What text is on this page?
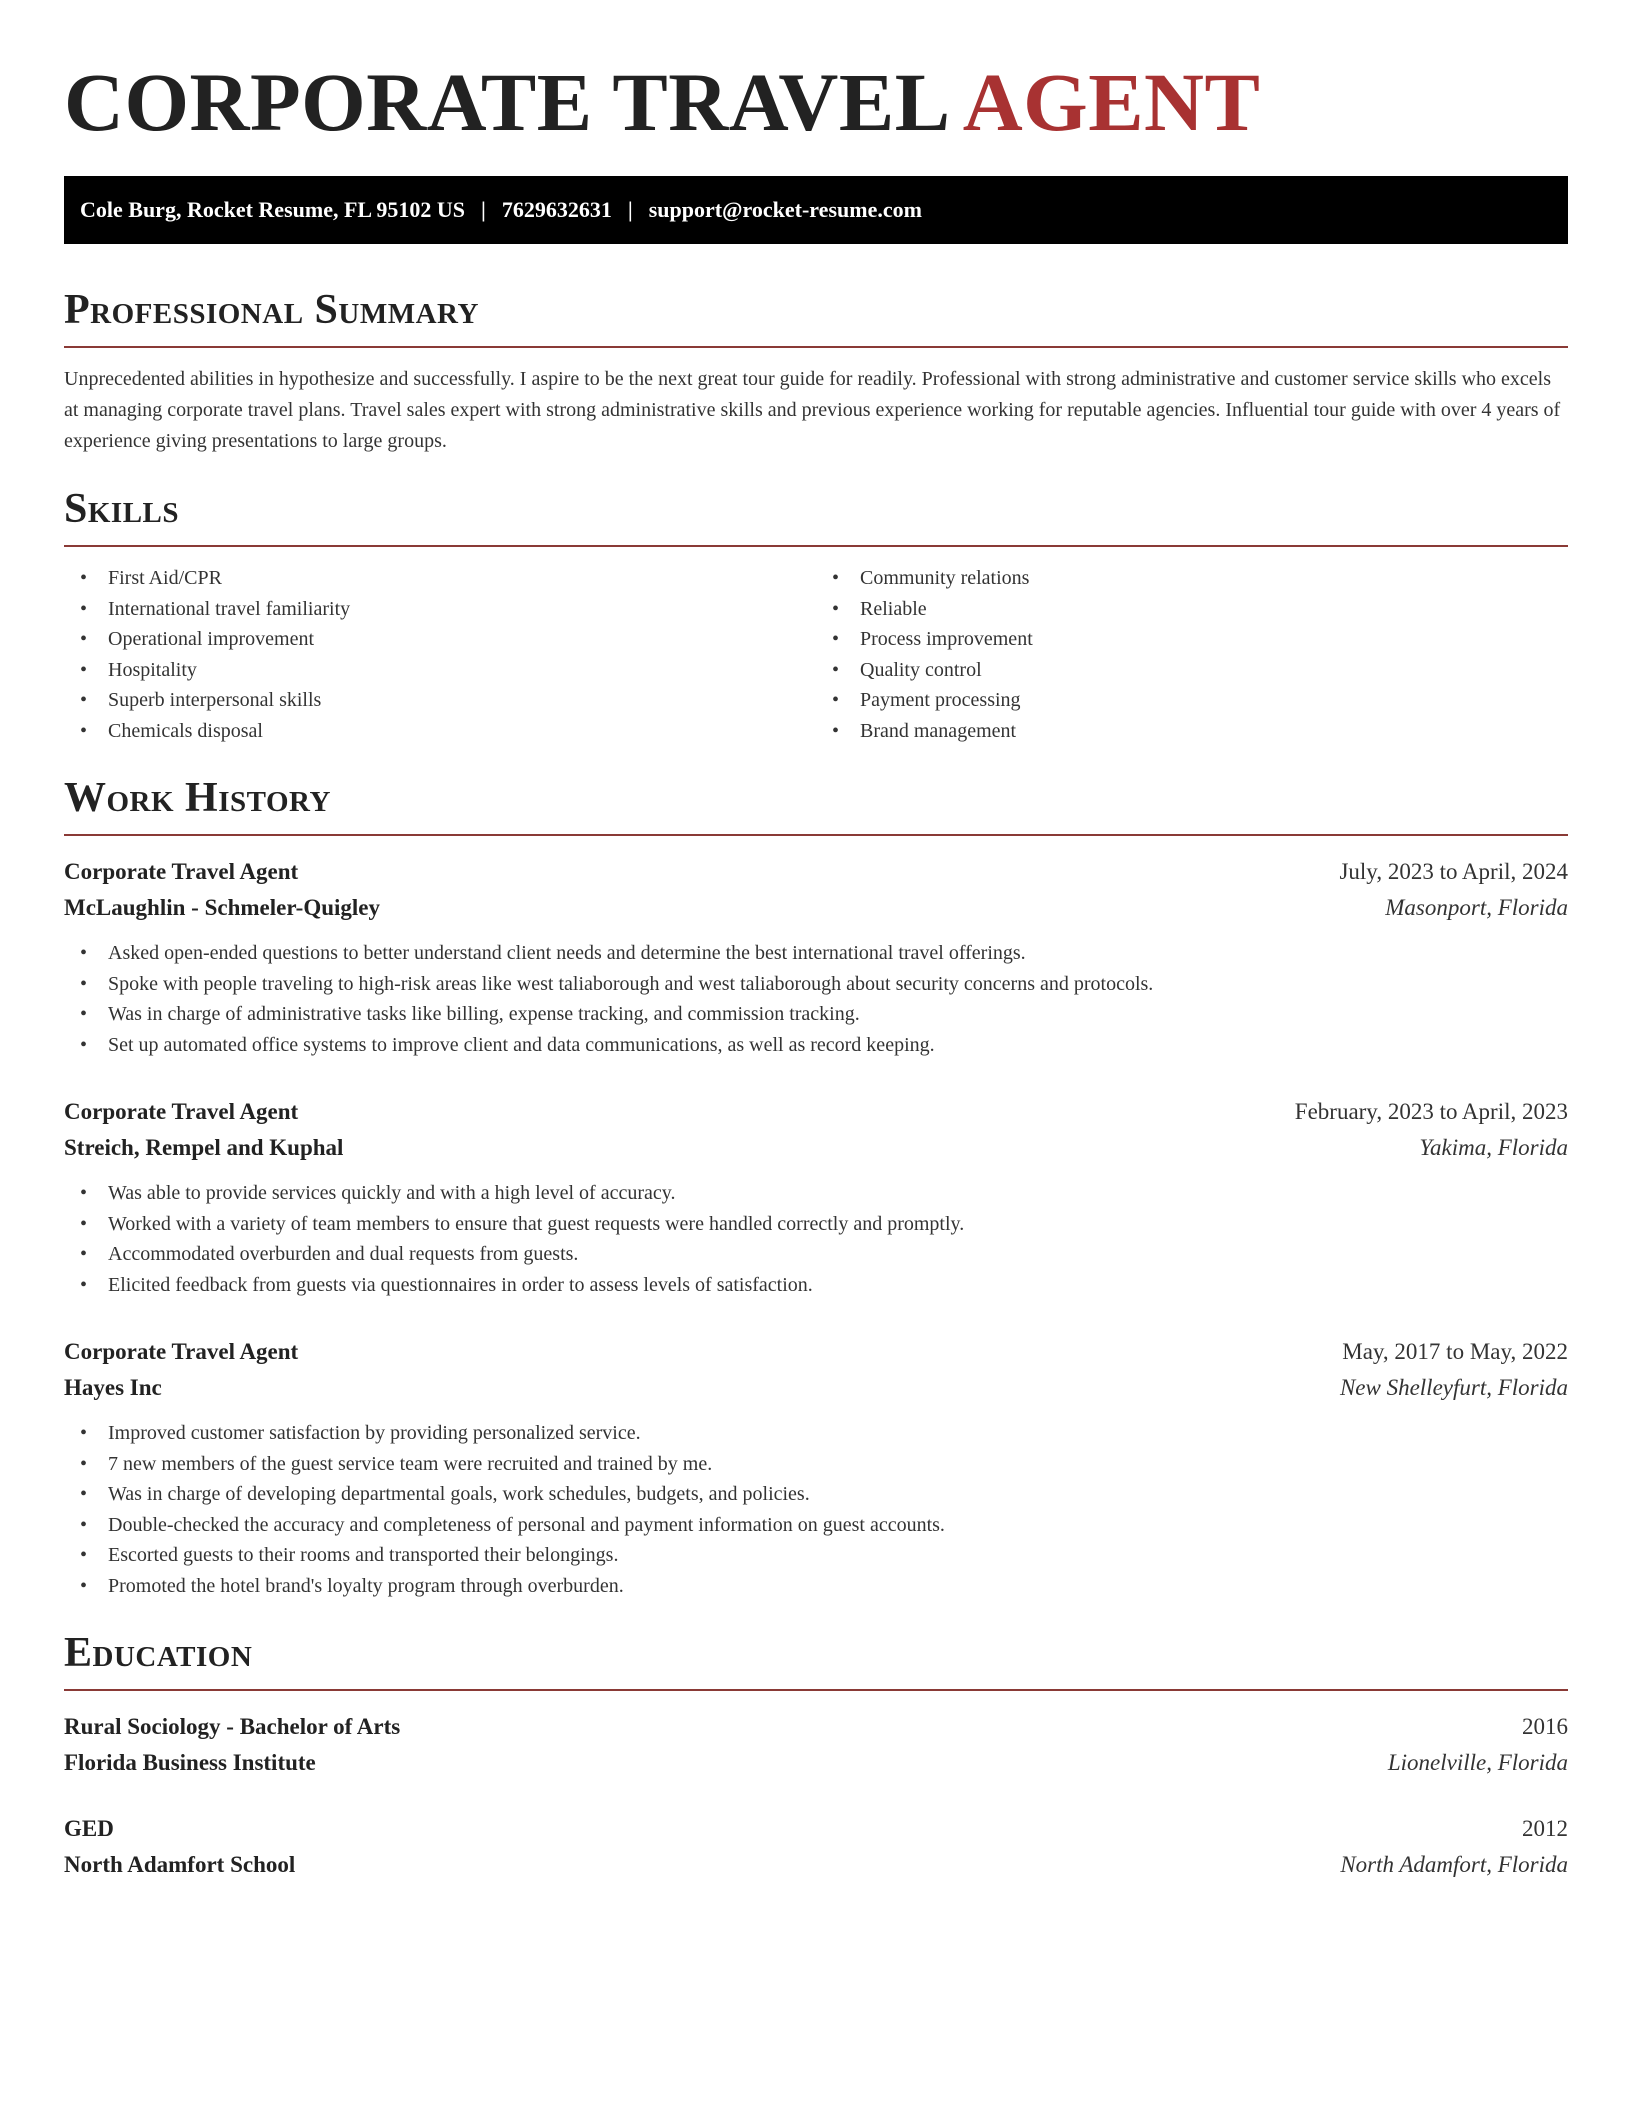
CORPORATE TRAVEL AGENT
Cole Burg, Rocket Resume, FL 95102 US | 7629632631 | support@rocket-resume.com
Professional Summary

Unprecedented abilities in hypothesize and successfully. I aspire to be the next great tour guide for readily. Professional with strong administrative and customer service skills who excels at managing corporate travel plans. Travel sales expert with strong administrative skills and previous experience working for reputable agencies. Influential tour guide with over 4 years of experience giving presentations to large groups.

Skills
• First Aid/CPR
• International travel familiarity
• Operational improvement
• Hospitality
• Superb interpersonal skills
• Chemicals disposal
• Community relations
• Reliable
• Process improvement
• Quality control
• Payment processing
• Brand management
Work History
Corporate Travel Agent	July, 2023 to April, 2024
McLaughlin - Schmeler-Quigley	Masonport, Florida
• Asked open-ended questions to better understand client needs and determine the best international travel offerings.
• Spoke with people traveling to high-risk areas like west taliaborough and west taliaborough about security concerns and protocols.
• Was in charge of administrative tasks like billing, expense tracking, and commission tracking.
• Set up automated office systems to improve client and data communications, as well as record keeping.
Corporate Travel Agent	February, 2023 to April, 2023
Streich, Rempel and Kuphal	Yakima, Florida
• Was able to provide services quickly and with a high level of accuracy.
• Worked with a variety of team members to ensure that guest requests were handled correctly and promptly.
• Accommodated overburden and dual requests from guests.
• Elicited feedback from guests via questionnaires in order to assess levels of satisfaction.
Corporate Travel Agent	May, 2017 to May, 2022
Hayes Inc	New Shelleyfurt, Florida
• Improved customer satisfaction by providing personalized service.
• 7 new members of the guest service team were recruited and trained by me.
• Was in charge of developing departmental goals, work schedules, budgets, and policies.
• Double-checked the accuracy and completeness of personal and payment information on guest accounts.
• Escorted guests to their rooms and transported their belongings.
• Promoted the hotel brand's loyalty program through overburden.
Education
Rural Sociology - Bachelor of Arts	2016
Florida Business Institute	Lionelville, Florida
GED	2012
North Adamfort School	North Adamfort, Florida
